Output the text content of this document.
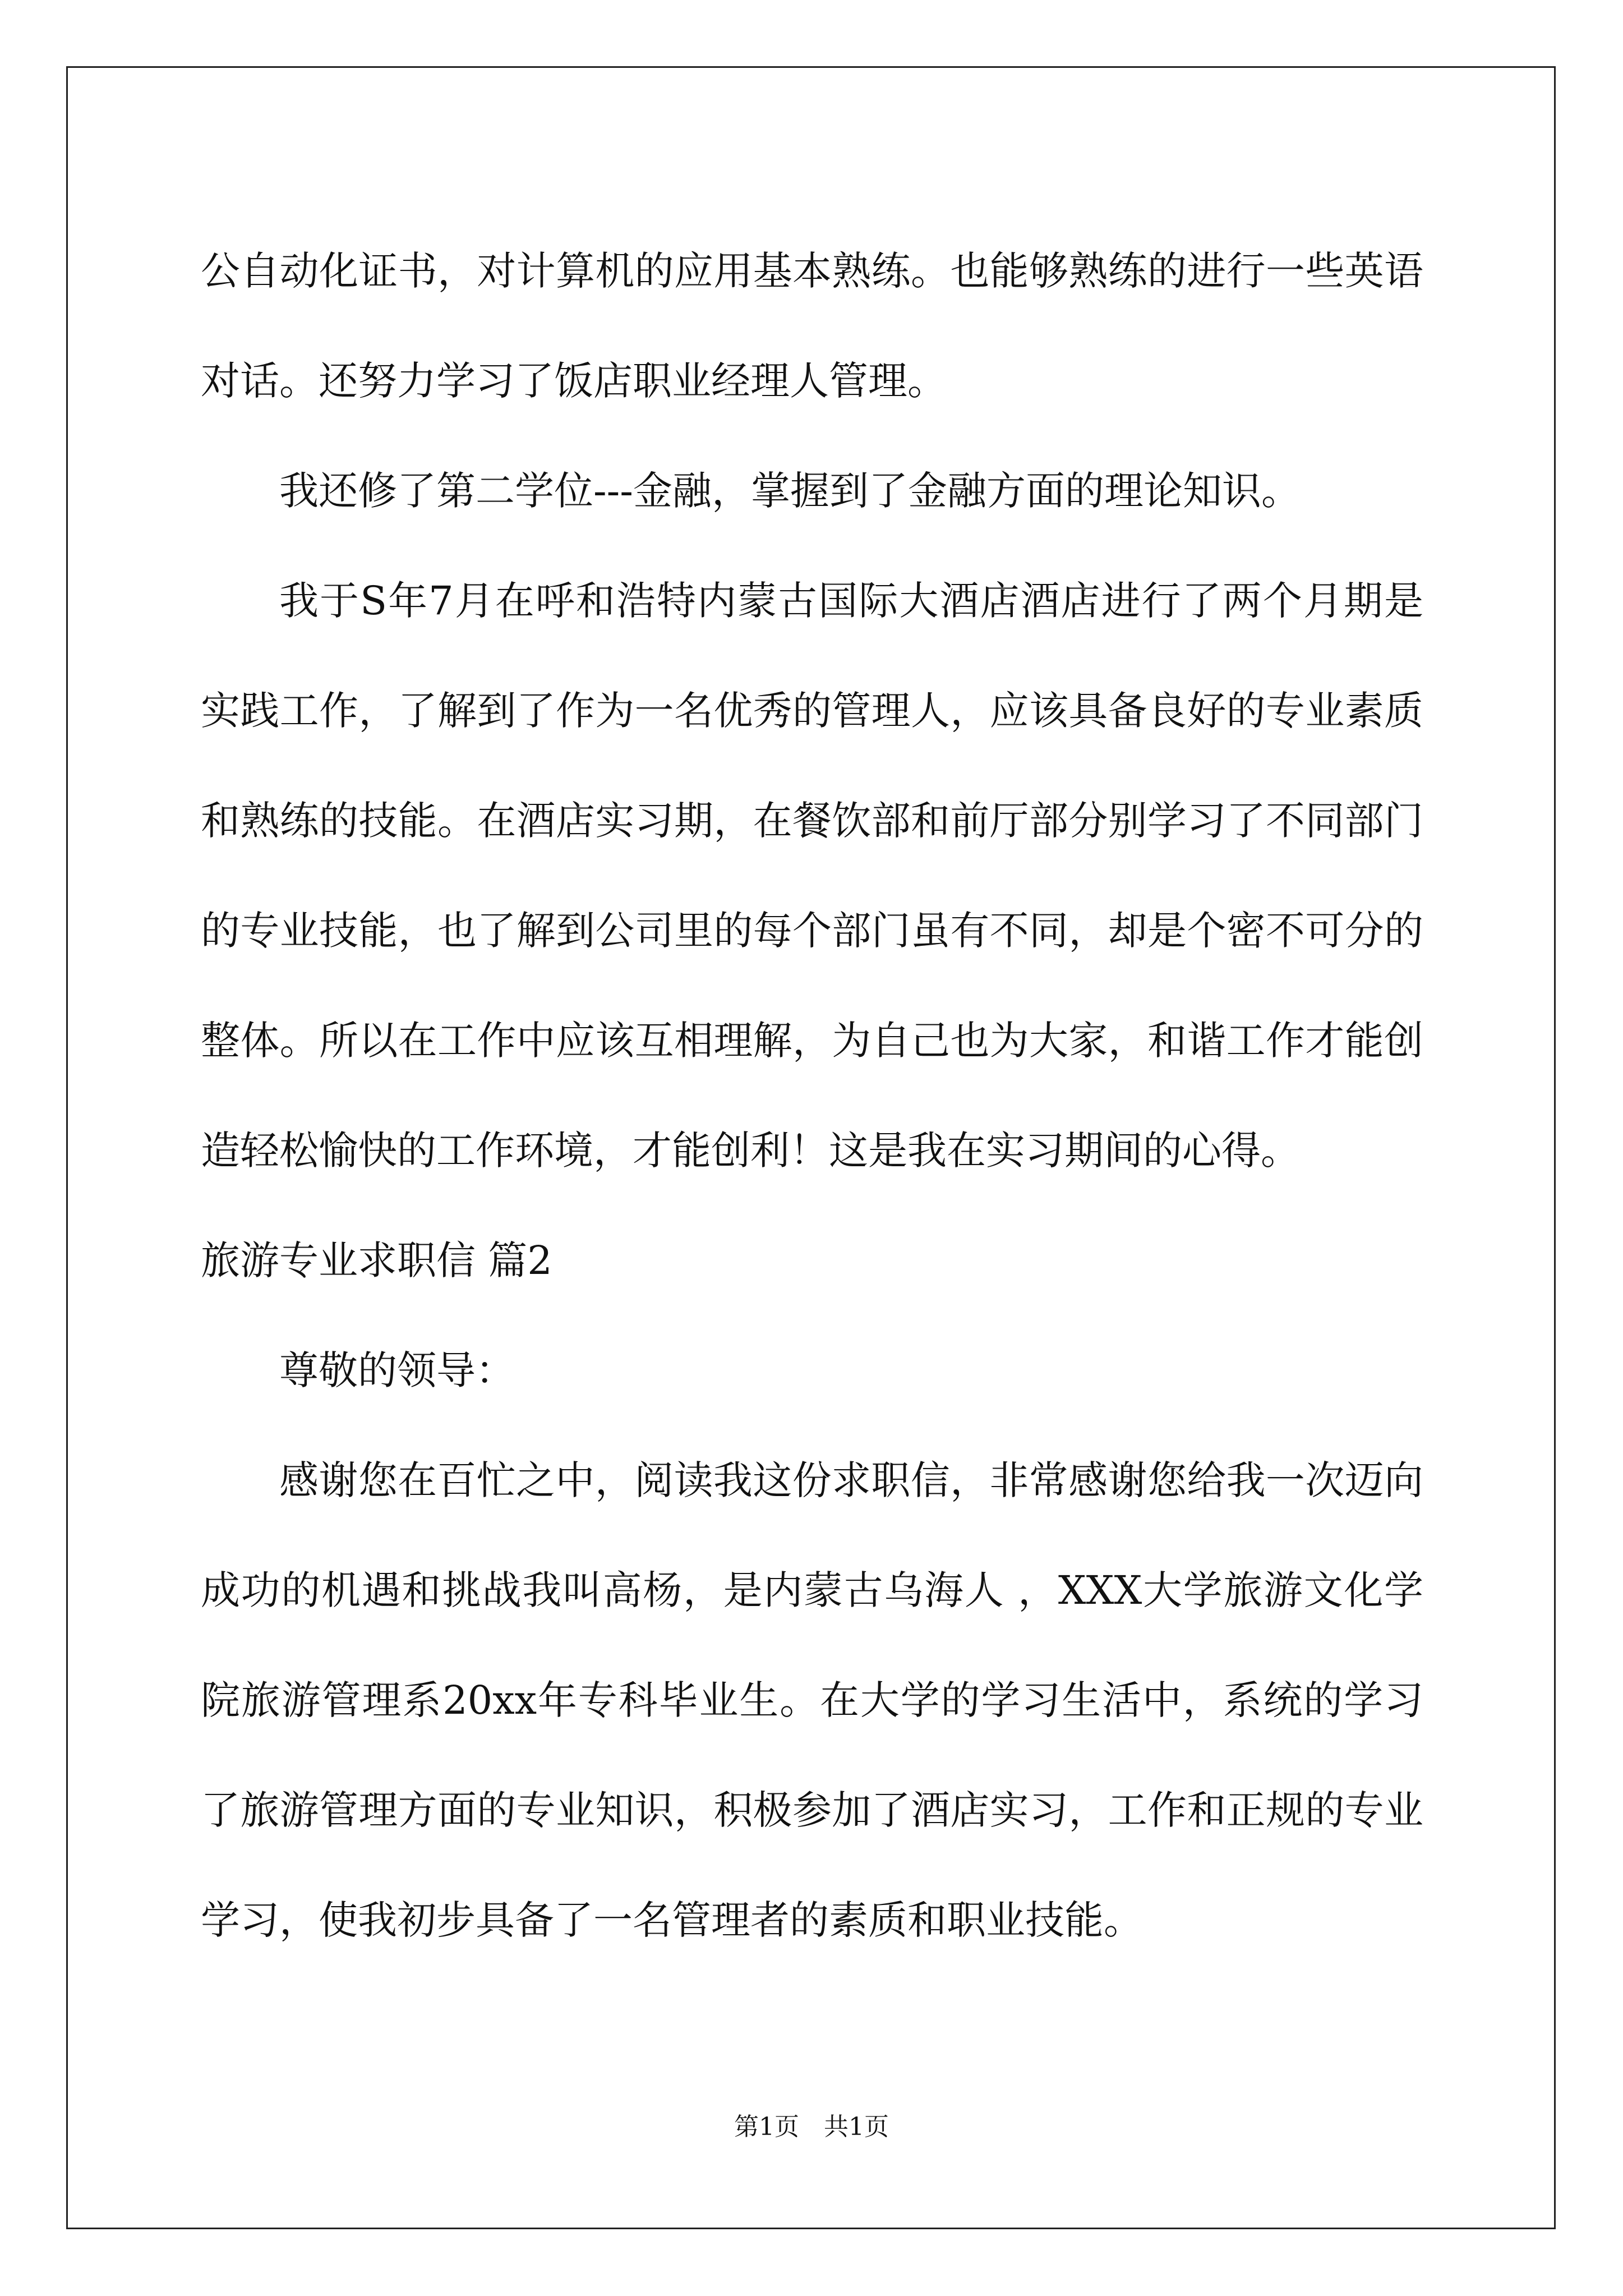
公自动化证书，对计算机的应用基本熟练。也能够熟练的进行一些英语对话。还努力学习了饭店职业经理人管理。

我还修了第二学位---金融，掌握到了金融方面的理论知识。

我于S年7月在呼和浩特内蒙古国际大酒店酒店进行了两个月期是实践工作，了解到了作为一名优秀的管理人，应该具备良好的专业素质和熟练的技能。在酒店实习期，在餐饮部和前厅部分别学习了不同部门的专业技能，也了解到公司里的每个部门虽有不同，却是个密不可分的整体。所以在工作中应该互相理解，为自己也为大家，和谐工作才能创造轻松愉快的工作环境，才能创利！这是我在实习期间的心得。

旅游专业求职信 篇2

尊敬的领导：

感谢您在百忙之中，阅读我这份求职信，非常感谢您给我一次迈向成功的机遇和挑战我叫高杨，是内蒙古乌海人 ，XXX大学旅游文化学院旅游管理系20xx年专科毕业生。在大学的学习生活中，系统的学习了旅游管理方面的专业知识，积极参加了酒店实习，工作和正规的专业学习，使我初步具备了一名管理者的素质和职业技能。

第1页　共1页
